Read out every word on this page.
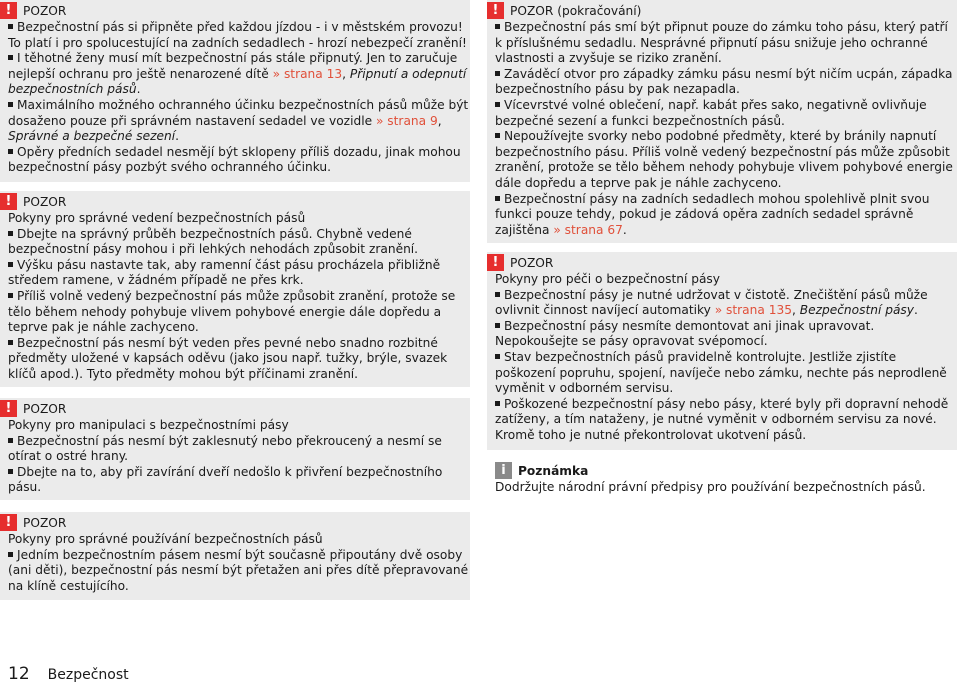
! POZOR

Bezpečnostní pás si připněte před každou jízdou - i v městském provozu! To platí i pro spolucestující na zadních sedadlech - hrozí nebezpečí zranění!

I těhotné ženy musí mít bezpečnostní pás stále připnutý. Jen to zaručuje nejlepší ochranu pro ještě nenarozené dítě » strana 13, Připnutí a odepnutí bezpečnostních pásů.

Maximálního možného ochranného účinku bezpečnostních pásů může být dosaženo pouze při správném nastavení sedadel ve vozidle » strana 9, Správné a bezpečné sezení.

Opěry předních sedadel nesmějí být sklopeny příliš dozadu, jinak mohou bezpečnostní pásy pozbýt svého ochranného účinku.

! POZOR

Pokyny pro správné vedení bezpečnostních pásů

Dbejte na správný průběh bezpečnostních pásů. Chybně vedené bezpečnostní pásy mohou i při lehkých nehodách způsobit zranění.

Výšku pásu nastavte tak, aby ramenní část pásu procházela přibližně středem ramene, v žádném případě ne přes krk.

Příliš volně vedený bezpečnostní pás může způsobit zranění, protože se tělo během nehody pohybuje vlivem pohybové energie dále dopředu a teprve pak je náhle zachyceno.

Bezpečnostní pás nesmí být veden přes pevné nebo snadno rozbitné předměty uložené v kapsách oděvu (jako jsou např. tužky, brýle, svazek klíčů apod.). Tyto předměty mohou být příčinami zranění.

! POZOR

Pokyny pro manipulaci s bezpečnostními pásy

Bezpečnostní pás nesmí být zaklesnutý nebo překroucený a nesmí se otírat o ostré hrany.

Dbejte na to, aby při zavírání dveří nedošlo k přivření bezpečnostního pásu.

! POZOR

Pokyny pro správné používání bezpečnostních pásů

Jedním bezpečnostním pásem nesmí být současně připoutány dvě osoby (ani děti), bezpečnostní pás nesmí být přetažen ani přes dítě přepravované na klíně cestujícího.

! POZOR (pokračování)

Bezpečnostní pás smí být připnut pouze do zámku toho pásu, který patří k příslušnému sedadlu. Nesprávné připnutí pásu snižuje jeho ochranné vlastnosti a zvyšuje se riziko zranění.

Zaváděcí otvor pro západky zámku pásu nesmí být ničím ucpán, západka bezpečnostního pásu by pak nezapadla.

Vícevrstvé volné oblečení, např. kabát přes sako, negativně ovlivňuje bezpečné sezení a funkci bezpečnostních pásů.

Nepoužívejte svorky nebo podobné předměty, které by bránily napnutí bezpečnostního pásu. Příliš volně vedený bezpečnostní pás může způsobit zranění, protože se tělo během nehody pohybuje vlivem pohybové energie dále dopředu a teprve pak je náhle zachyceno.

Bezpečnostní pásy na zadních sedadlech mohou spolehlivě plnit svou funkci pouze tehdy, pokud je zádová opěra zadních sedadel správně zajištěna » strana 67.

! POZOR

Pokyny pro péči o bezpečnostní pásy

Bezpečnostní pásy je nutné udržovat v čistotě. Znečištění pásů může ovlivnit činnost navíjecí automatiky » strana 135, Bezpečnostní pásy.

Bezpečnostní pásy nesmíte demontovat ani jinak upravovat. Nepokoušejte se pásy opravovat svépomocí.

Stav bezpečnostních pásů pravidelně kontrolujte. Jestliže zjistíte poškození popruhu, spojení, navíječe nebo zámku, nechte pás neprodleně vyměnit v odborném servisu.

Poškozené bezpečnostní pásy nebo pásy, které byly při dopravní nehodě zatíženy, a tím nataženy, je nutné vyměnit v odborném servisu za nové. Kromě toho je nutné překontrolovat ukotvení pásů.

i	Poznámka

Dodržujte národní právní předpisy pro používání bezpečnostních pásů.

12 Bezpečnost
